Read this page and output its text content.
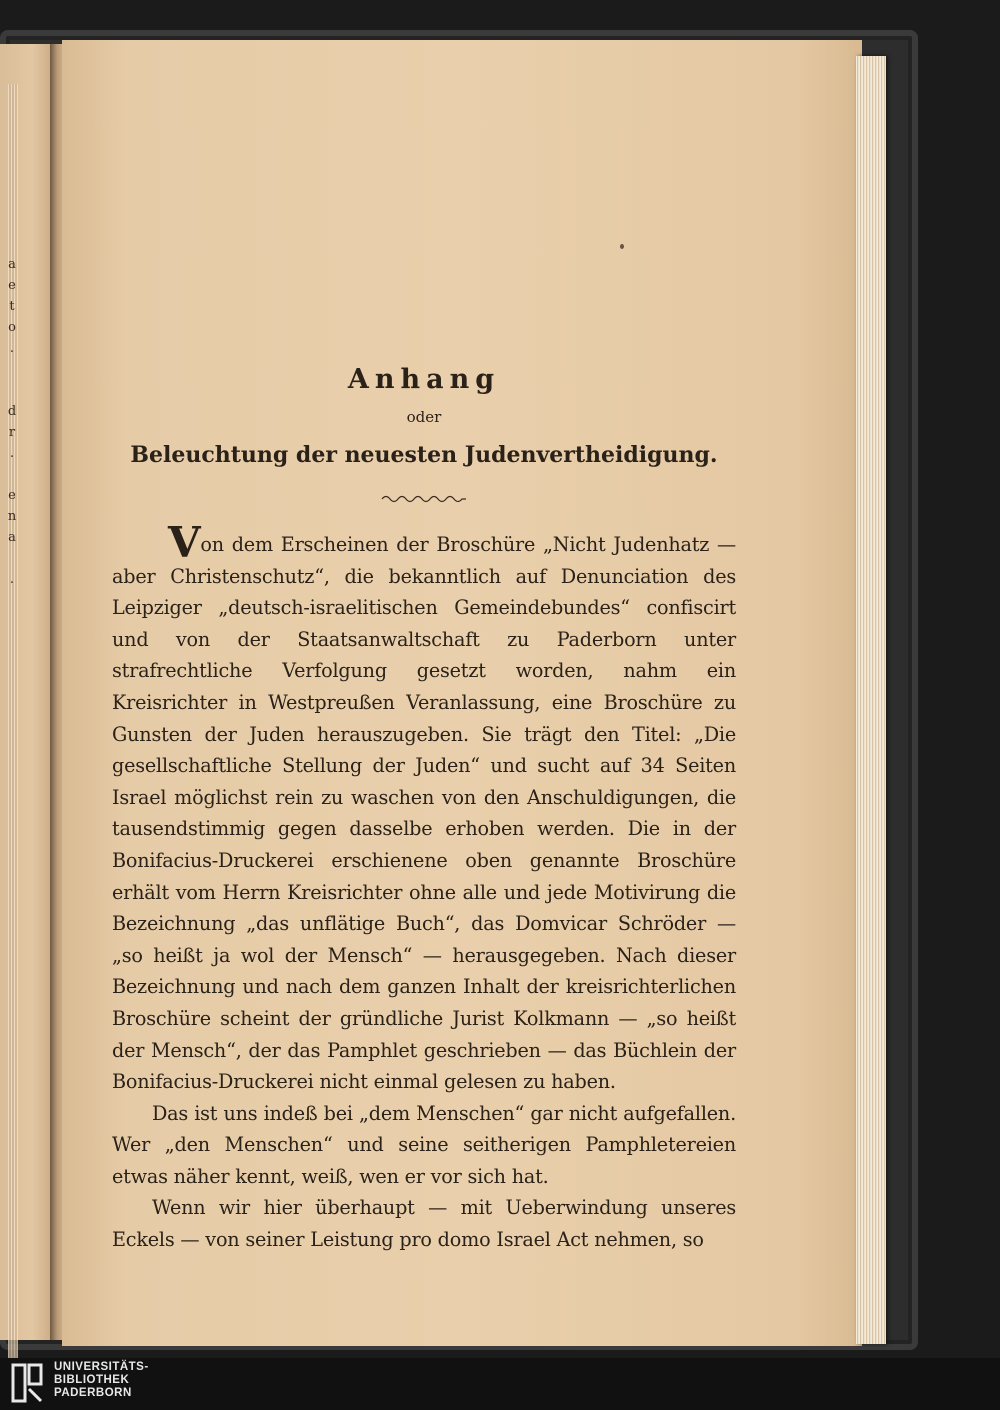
a
e
t
o
.

d
r
.

e
n
a

.

Anhang

oder

Beleuchtung der neuesten Judenvertheidigung.

Von dem Erscheinen der Broschüre „Nicht Judenhatz — aber Christenschutz“, die bekanntlich auf Denunciation des Leipziger „deutsch-israelitischen Gemeindebundes“ confiscirt und von der Staatsanwaltschaft zu Paderborn unter strafrechtliche Verfolgung gesetzt worden, nahm ein Kreisrichter in Westpreußen Veranlassung, eine Broschüre zu Gunsten der Juden herauszugeben. Sie trägt den Titel: „Die gesellschaftliche Stellung der Juden“ und sucht auf 34 Seiten Israel möglichst rein zu waschen von den Anschuldigungen, die tausendstimmig gegen dasselbe erhoben werden. Die in der Bonifacius-Druckerei erschienene oben genannte Broschüre erhält vom Herrn Kreisrichter ohne alle und jede Motivirung die Bezeichnung „das unflätige Buch“, das Domvicar Schröder — „so heißt ja wol der Mensch“ — herausgegeben. Nach dieser Bezeichnung und nach dem ganzen Inhalt der kreisrichterlichen Broschüre scheint der gründliche Jurist Kolkmann — „so heißt der Mensch“, der das Pamphlet geschrieben — das Büchlein der Bonifacius-Druckerei nicht einmal gelesen zu haben.

Das ist uns indeß bei „dem Menschen“ gar nicht aufgefallen. Wer „den Menschen“ und seine seitherigen Pamphletereien etwas näher kennt, weiß, wen er vor sich hat.

Wenn wir hier überhaupt — mit Ueberwindung unseres Eckels — von seiner Leistung pro domo Israel Act nehmen, so

UNIVERSITÄTS-
BIBLIOTHEK
PADERBORN
